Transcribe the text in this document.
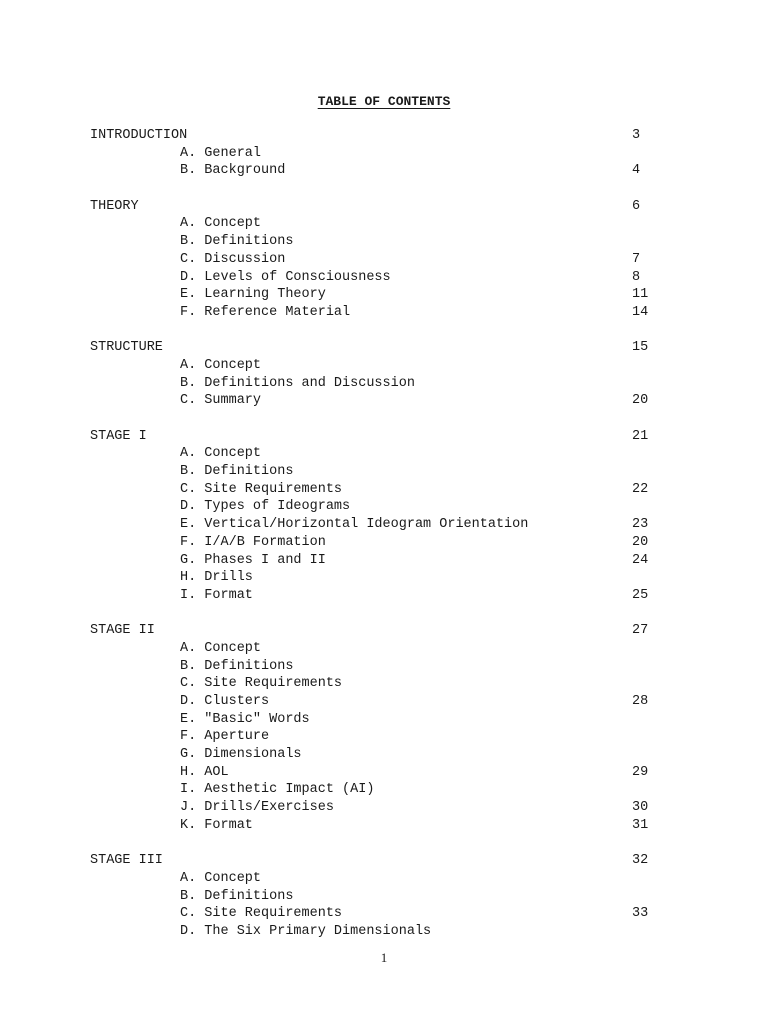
TABLE OF CONTENTS
INTRODUCTION	3
A. General
B. Background	4
THEORY	6
A. Concept
B. Definitions
C. Discussion	7
D. Levels of Consciousness	8
E. Learning Theory	11
F. Reference Material	14
STRUCTURE	15
A. Concept
B. Definitions and Discussion
C. Summary	20
STAGE I	21
A. Concept
B. Definitions
C. Site Requirements	22
D. Types of Ideograms
E. Vertical/Horizontal Ideogram Orientation	23
F. I/A/B Formation	20
G. Phases I and II	24
H. Drills
I. Format	25
STAGE II	27
A. Concept
B. Definitions
C. Site Requirements
D. Clusters	28
E. "Basic" Words
F. Aperture
G. Dimensionals
H. AOL	29
I. Aesthetic Impact (AI)
J. Drills/Exercises	30
K. Format	31
STAGE III	32
A. Concept
B. Definitions
C. Site Requirements	33
D. The Six Primary Dimensionals
1
